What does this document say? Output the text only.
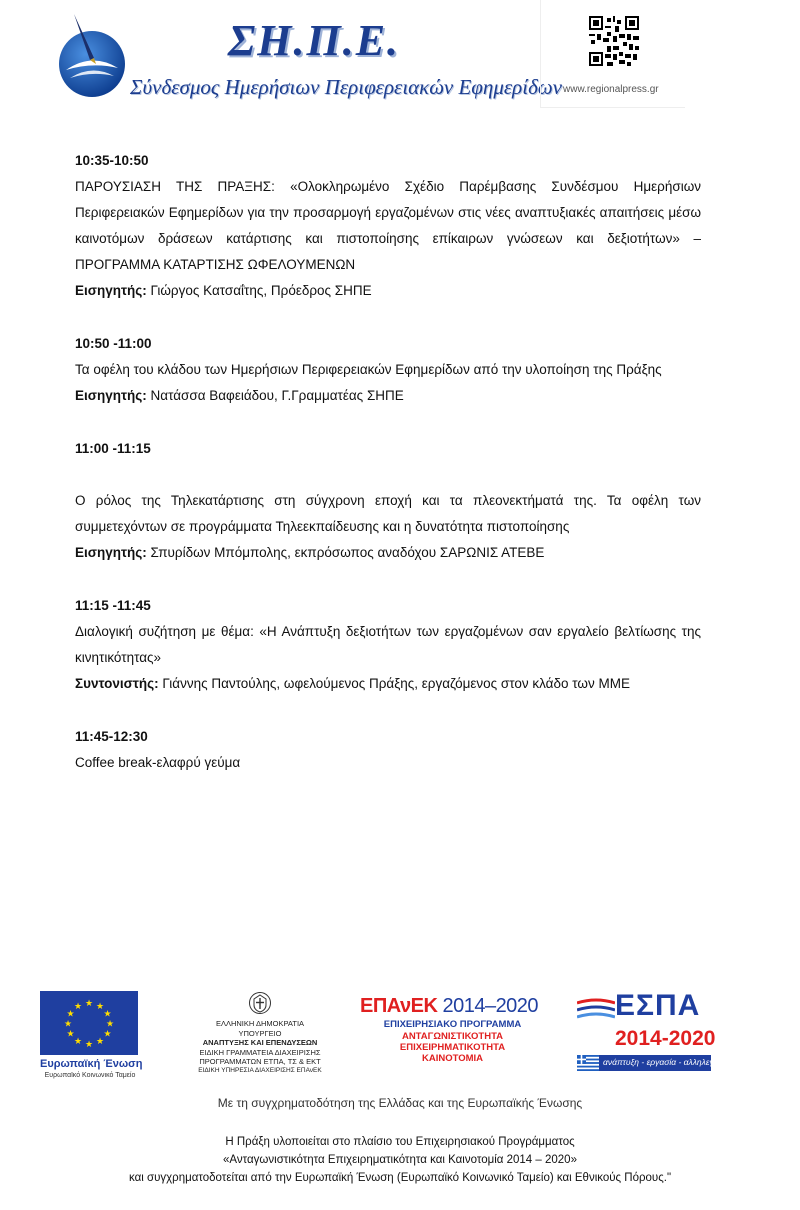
ΣΗ.Π.Ε.
Σύνδεσμος Ημερήσιων Περιφερειακών Εφημερίδων www.regionalpress.gr
10:35-10:50
ΠΑΡΟΥΣΙΑΣΗ ΤΗΣ ΠΡΑΞΗΣ: «Ολοκληρωμένο Σχέδιο Παρέμβασης Συνδέσμου Ημερήσιων Περιφερειακών Εφημερίδων για την προσαρμογή εργαζομένων στις νέες αναπτυξιακές απαιτήσεις μέσω καινοτόμων δράσεων κατάρτισης και πιστοποίησης επίκαιρων γνώσεων και δεξιοτήτων» – ΠΡΟΓΡΑΜΜΑ ΚΑΤΑΡΤΙΣΗΣ ΩΦΕΛΟΥΜΕΝΩΝ
Εισηγητής: Γιώργος Κατσαΐτης, Πρόεδρος ΣΗΠΕ
10:50 -11:00
Τα οφέλη του κλάδου των Ημερήσιων Περιφερειακών Εφημερίδων από την υλοποίηση της Πράξης
Εισηγητής: Νατάσσα Βαφειάδου, Γ.Γραμματέας ΣΗΠΕ
11:00 -11:15
Ο ρόλος της Τηλεκατάρτισης στη σύγχρονη εποχή και τα πλεονεκτήματά της. Τα οφέλη των συμμετεχόντων σε προγράμματα Τηλεεκπαίδευσης και η δυνατότητα πιστοποίησης
Εισηγητής: Σπυρίδων Μπόμπολης, εκπρόσωπος αναδόχου ΣΑΡΩΝΙΣ ΑΤΕΒΕ
11:15 -11:45
Διαλογική συζήτηση με θέμα: «Η Ανάπτυξη δεξιοτήτων των εργαζομένων σαν εργαλείο βελτίωσης της κινητικότητας»
Συντονιστής: Γιάννης Παντούλης, ωφελούμενος Πράξης, εργαζόμενος στον κλάδο των ΜΜΕ
11:45-12:30
Coffee break-ελαφρύ γεύμα
★ ★
★
★
★
★
★
★
★
★
★
★
Ευρωπαϊκή Ένωση
Ευρωπαϊκό Κοινωνικό Ταμείο
ΕΛΛΗΝΙΚΗ ΔΗΜΟΚΡΑΤΙΑ
ΥΠΟΥΡΓΕΙΟ
ΑΝΑΠΤΥΞΗΣ ΚΑΙ ΕΠΕΝΔΥΣΕΩΝ
ΕΙΔΙΚΗ ΓΡΑΜΜΑΤΕΙΑ ΔΙΑΧΕΙΡΙΣΗΣ
ΠΡΟΓΡΑΜΜΑΤΩΝ ΕΤΠΑ, ΤΣ & ΕΚΤ
ΕΙΔΙΚΗ ΥΠΗΡΕΣΙΑ ΔΙΑΧΕΙΡΙΣΗΣ ΕΠΑνΕΚ
ΕΠΑνΕΚ 2014–2020
ΕΠΙΧΕΙΡΗΣΙΑΚΟ ΠΡΟΓΡΑΜΜΑ
ΑΝΤΑΓΩΝΙΣΤΙΚΟΤΗΤΑ
ΕΠΙΧΕΙΡΗΜΑΤΙΚΟΤΗΤΑ
ΚΑΙΝΟΤΟΜΙΑ
ΕΣΠΑ
2014-2020
ανάπτυξη - εργασία - αλληλεγγύη
Με τη συγχρηματοδότηση της Ελλάδας και της Ευρωπαϊκής Ένωσης
Η Πράξη υλοποιείται στο πλαίσιο του Επιχειρησιακού Προγράμματος
«Ανταγωνιστικότητα Επιχειρηματικότητα και Καινοτομία 2014 – 2020»
και συγχρηματοδοτείται από την Ευρωπαϊκή Ένωση (Ευρωπαϊκό Κοινωνικό Ταμείο) και Εθνικούς Πόρους."
